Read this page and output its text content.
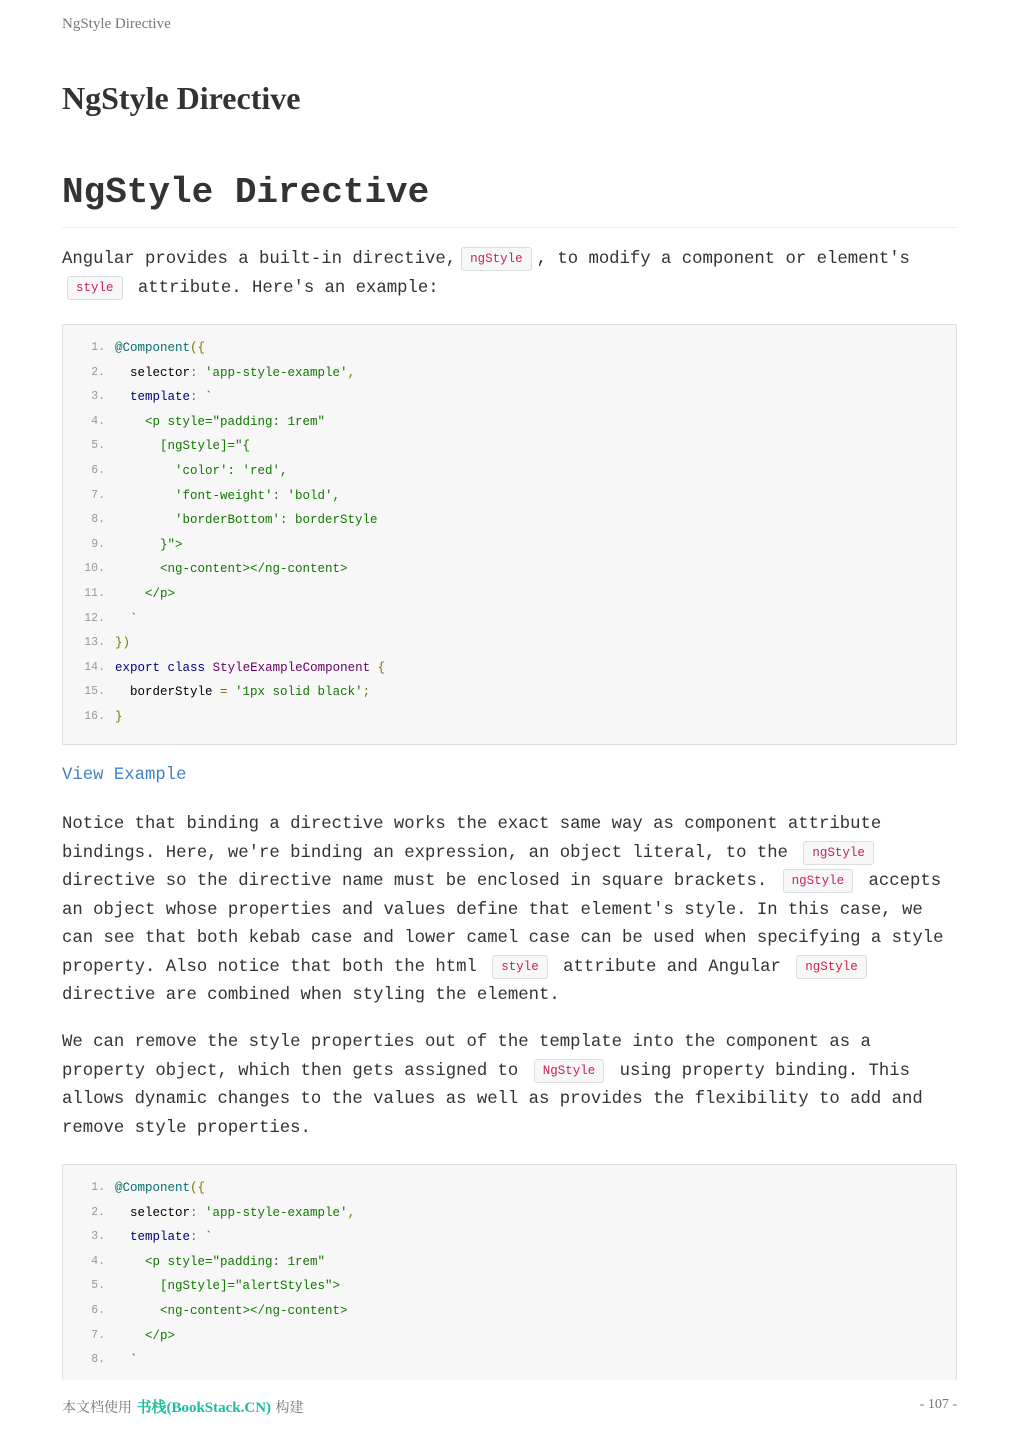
NgStyle Directive
NgStyle Directive
NgStyle Directive
Angular provides a built-in directive, ngStyle , to modify a component or element's
style attribute. Here's an example:
1. @Component({
2. selector: 'app-style-example',
3. template: `
4. <p style="padding: 1rem"
5. [ngStyle]="{
6. 'color': 'red',
7. 'font-weight': 'bold',
8. 'borderBottom': borderStyle
9. }">
10. <ng-content></ng-content>
11. </p>
12. `
13. })
14. export class StyleExampleComponent {
15. borderStyle = '1px solid black';
16. }
View Example
Notice that binding a directive works the exact same way as component attribute
bindings. Here, we're binding an expression, an object literal, to the ngStyle
directive so the directive name must be enclosed in square brackets. ngStyle accepts
an object whose properties and values define that element's style. In this case, we
can see that both kebab case and lower camel case can be used when specifying a style
property. Also notice that both the html style attribute and Angular ngStyle
directive are combined when styling the element.
We can remove the style properties out of the template into the component as a
property object, which then gets assigned to NgStyle using property binding. This
allows dynamic changes to the values as well as provides the flexibility to add and
remove style properties.
1. @Component({
2. selector: 'app-style-example',
3. template: `
4. <p style="padding: 1rem"
5. [ngStyle]="alertStyles">
6. <ng-content></ng-content>
7. </p>
8. `
本文档使用 书栈(BookStack.CN) 构建	- 107 -
